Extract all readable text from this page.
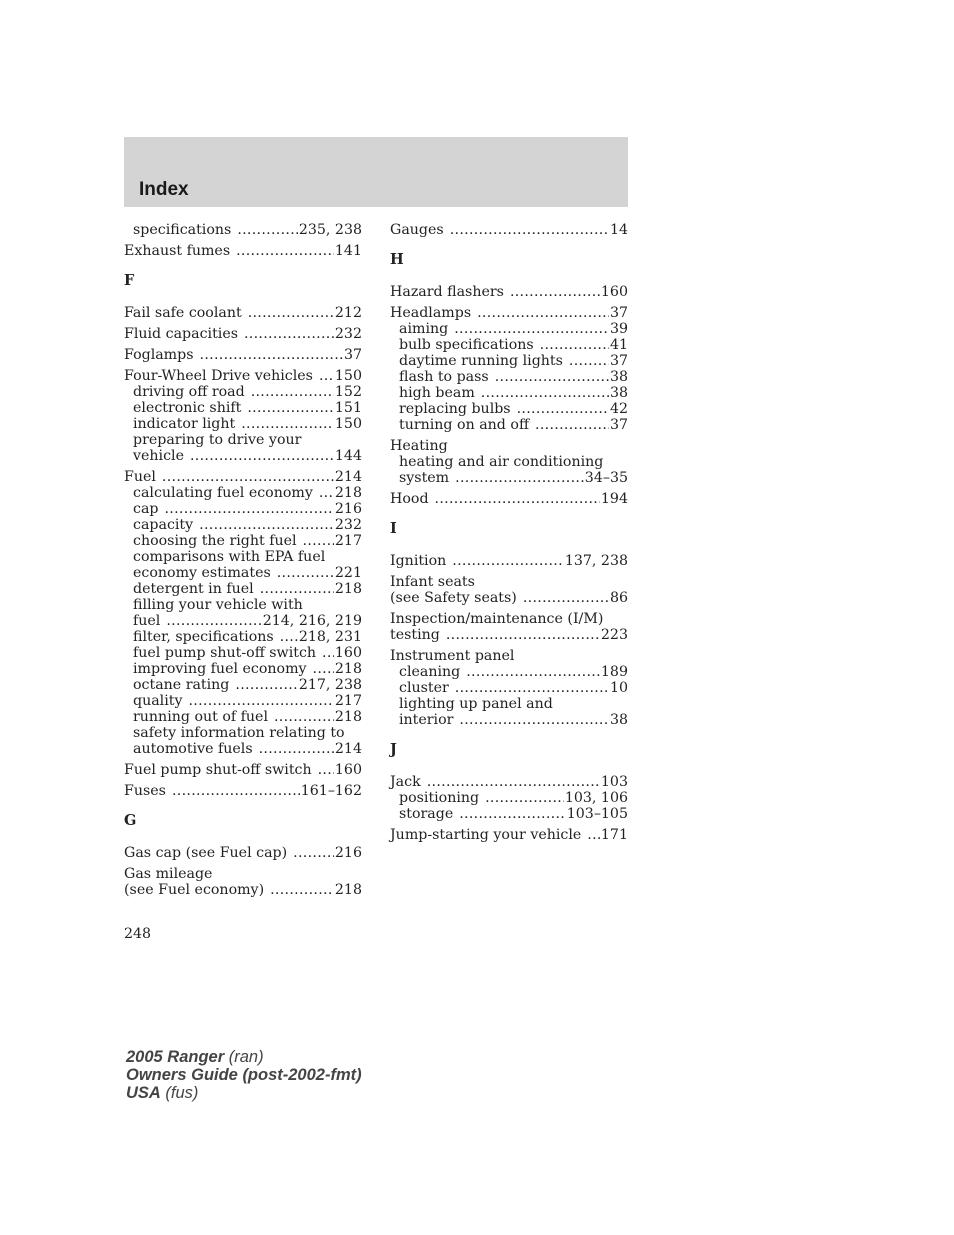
Index
specifications .....	235, 238
Exhaust fumes .....	141
F
Fail safe coolant .....	212
Fluid capacities .....	232
Foglamps .....	37
Four-Wheel Drive vehicles ..... 150
driving off road .....	152
electronic shift .....	151
indicator light .....	150
preparing to drive your
vehicle .....	144
Fuel .....	214
calculating fuel economy ..... 218
cap .....	216
capacity .....	232
choosing the right fuel .....	217
comparisons with EPA fuel
economy estimates .....	221
detergent in fuel .....	218
filling your vehicle with
fuel .....	214, 216, 219
filter, specifications ..... 218, 231
fuel pump shut-off switch ..... 160
improving fuel economy ..... 218
octane rating .....	217, 238
quality .....	217
running out of fuel .....	218
safety information relating to
automotive fuels .....	214
Fuel pump shut-off switch ..... 160
Fuses .....	161–162
G
Gas cap (see Fuel cap) .....	216
Gas mileage
(see Fuel economy) .....	218
Gauges .....	14
H
Hazard flashers .....	160
Headlamps .....	37
aiming .....	39
bulb specifications .....	41
daytime running lights .....	37
flash to pass .....	38
high beam .....	38
replacing bulbs .....	42
turning on and off .....	37
Heating
heating and air conditioning
system .....	34–35
Hood .....	194
I
Ignition .....	137, 238
Infant seats
(see Safety seats) .....	86
Inspection/maintenance (I/M)
testing .....	223
Instrument panel
cleaning .....	189
cluster .....	10
lighting up panel and
interior .....	38
J
Jack .....	103
positioning .....	103, 106
storage .....	103–105
Jump-starting your vehicle ..... 171
248
2005 Ranger (ran)
Owners Guide (post-2002-fmt)
USA (fus)
